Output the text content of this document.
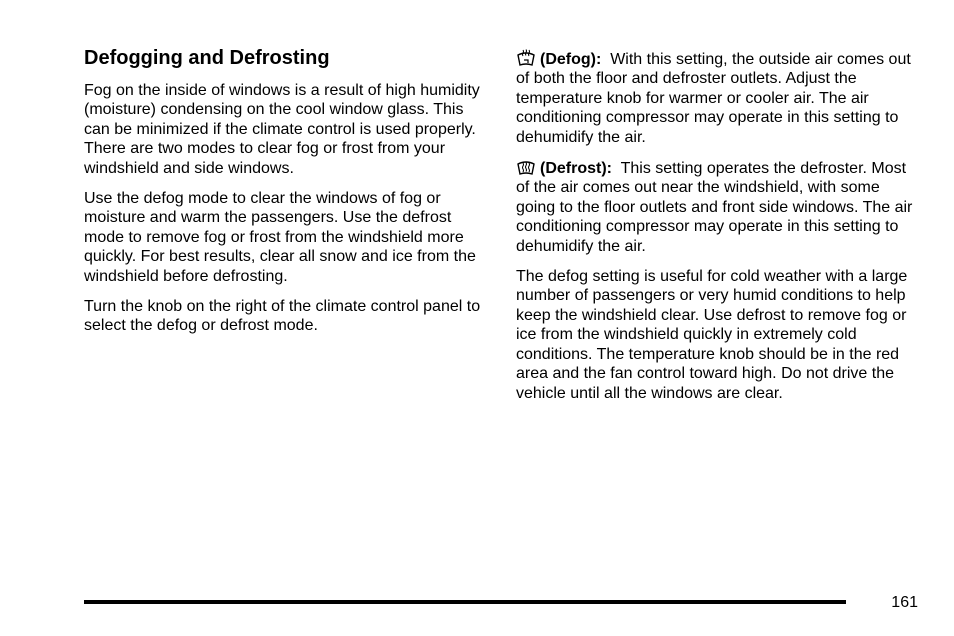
Defogging and Defrosting

Fog on the inside of windows is a result of high humidity (moisture) condensing on the cool window glass. This can be minimized if the climate control is used properly. There are two modes to clear fog or frost from your windshield and side windows.

Use the defog mode to clear the windows of fog or moisture and warm the passengers. Use the defrost mode to remove fog or frost from the windshield more quickly. For best results, clear all snow and ice from the windshield before defrosting.

Turn the knob on the right of the climate control panel to select the defog or defrost mode.

(Defog): With this setting, the outside air comes out of both the floor and defroster outlets. Adjust the temperature knob for warmer or cooler air. The air conditioning compressor may operate in this setting to dehumidify the air.

(Defrost): This setting operates the defroster. Most of the air comes out near the windshield, with some going to the floor outlets and front side windows. The air conditioning compressor may operate in this setting to dehumidify the air.

The defog setting is useful for cold weather with a large number of passengers or very humid conditions to help keep the windshield clear. Use defrost to remove fog or ice from the windshield quickly in extremely cold conditions. The temperature knob should be in the red area and the fan control toward high. Do not drive the vehicle until all the windows are clear.

161
